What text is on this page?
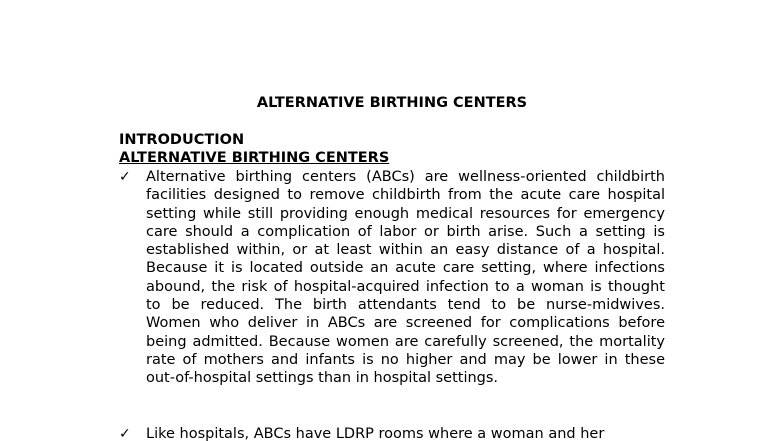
ALTERNATIVE BIRTHING CENTERS
INTRODUCTION
ALTERNATIVE BIRTHING CENTERS
✓	Alternative birthing centers (ABCs) are wellness-oriented childbirth facilities designed to remove childbirth from the acute care hospital setting while still providing enough medical resources for emergency care should a complication of labor or birth arise. Such a setting is established within, or at least within an easy distance of a hospital. Because it is located outside an acute care setting, where infections abound, the risk of hospital-acquired infection to a woman is thought to be reduced. The birth attendants tend to be nurse-midwives. Women who deliver in ABCs are screened for complications before being admitted. Because women are carefully screened, the mortality rate of mothers and infants is no higher and may be lower in these out-of-hospital settings than in hospital settings.

✓	Like hospitals, ABCs have LDRP rooms where a woman and her
